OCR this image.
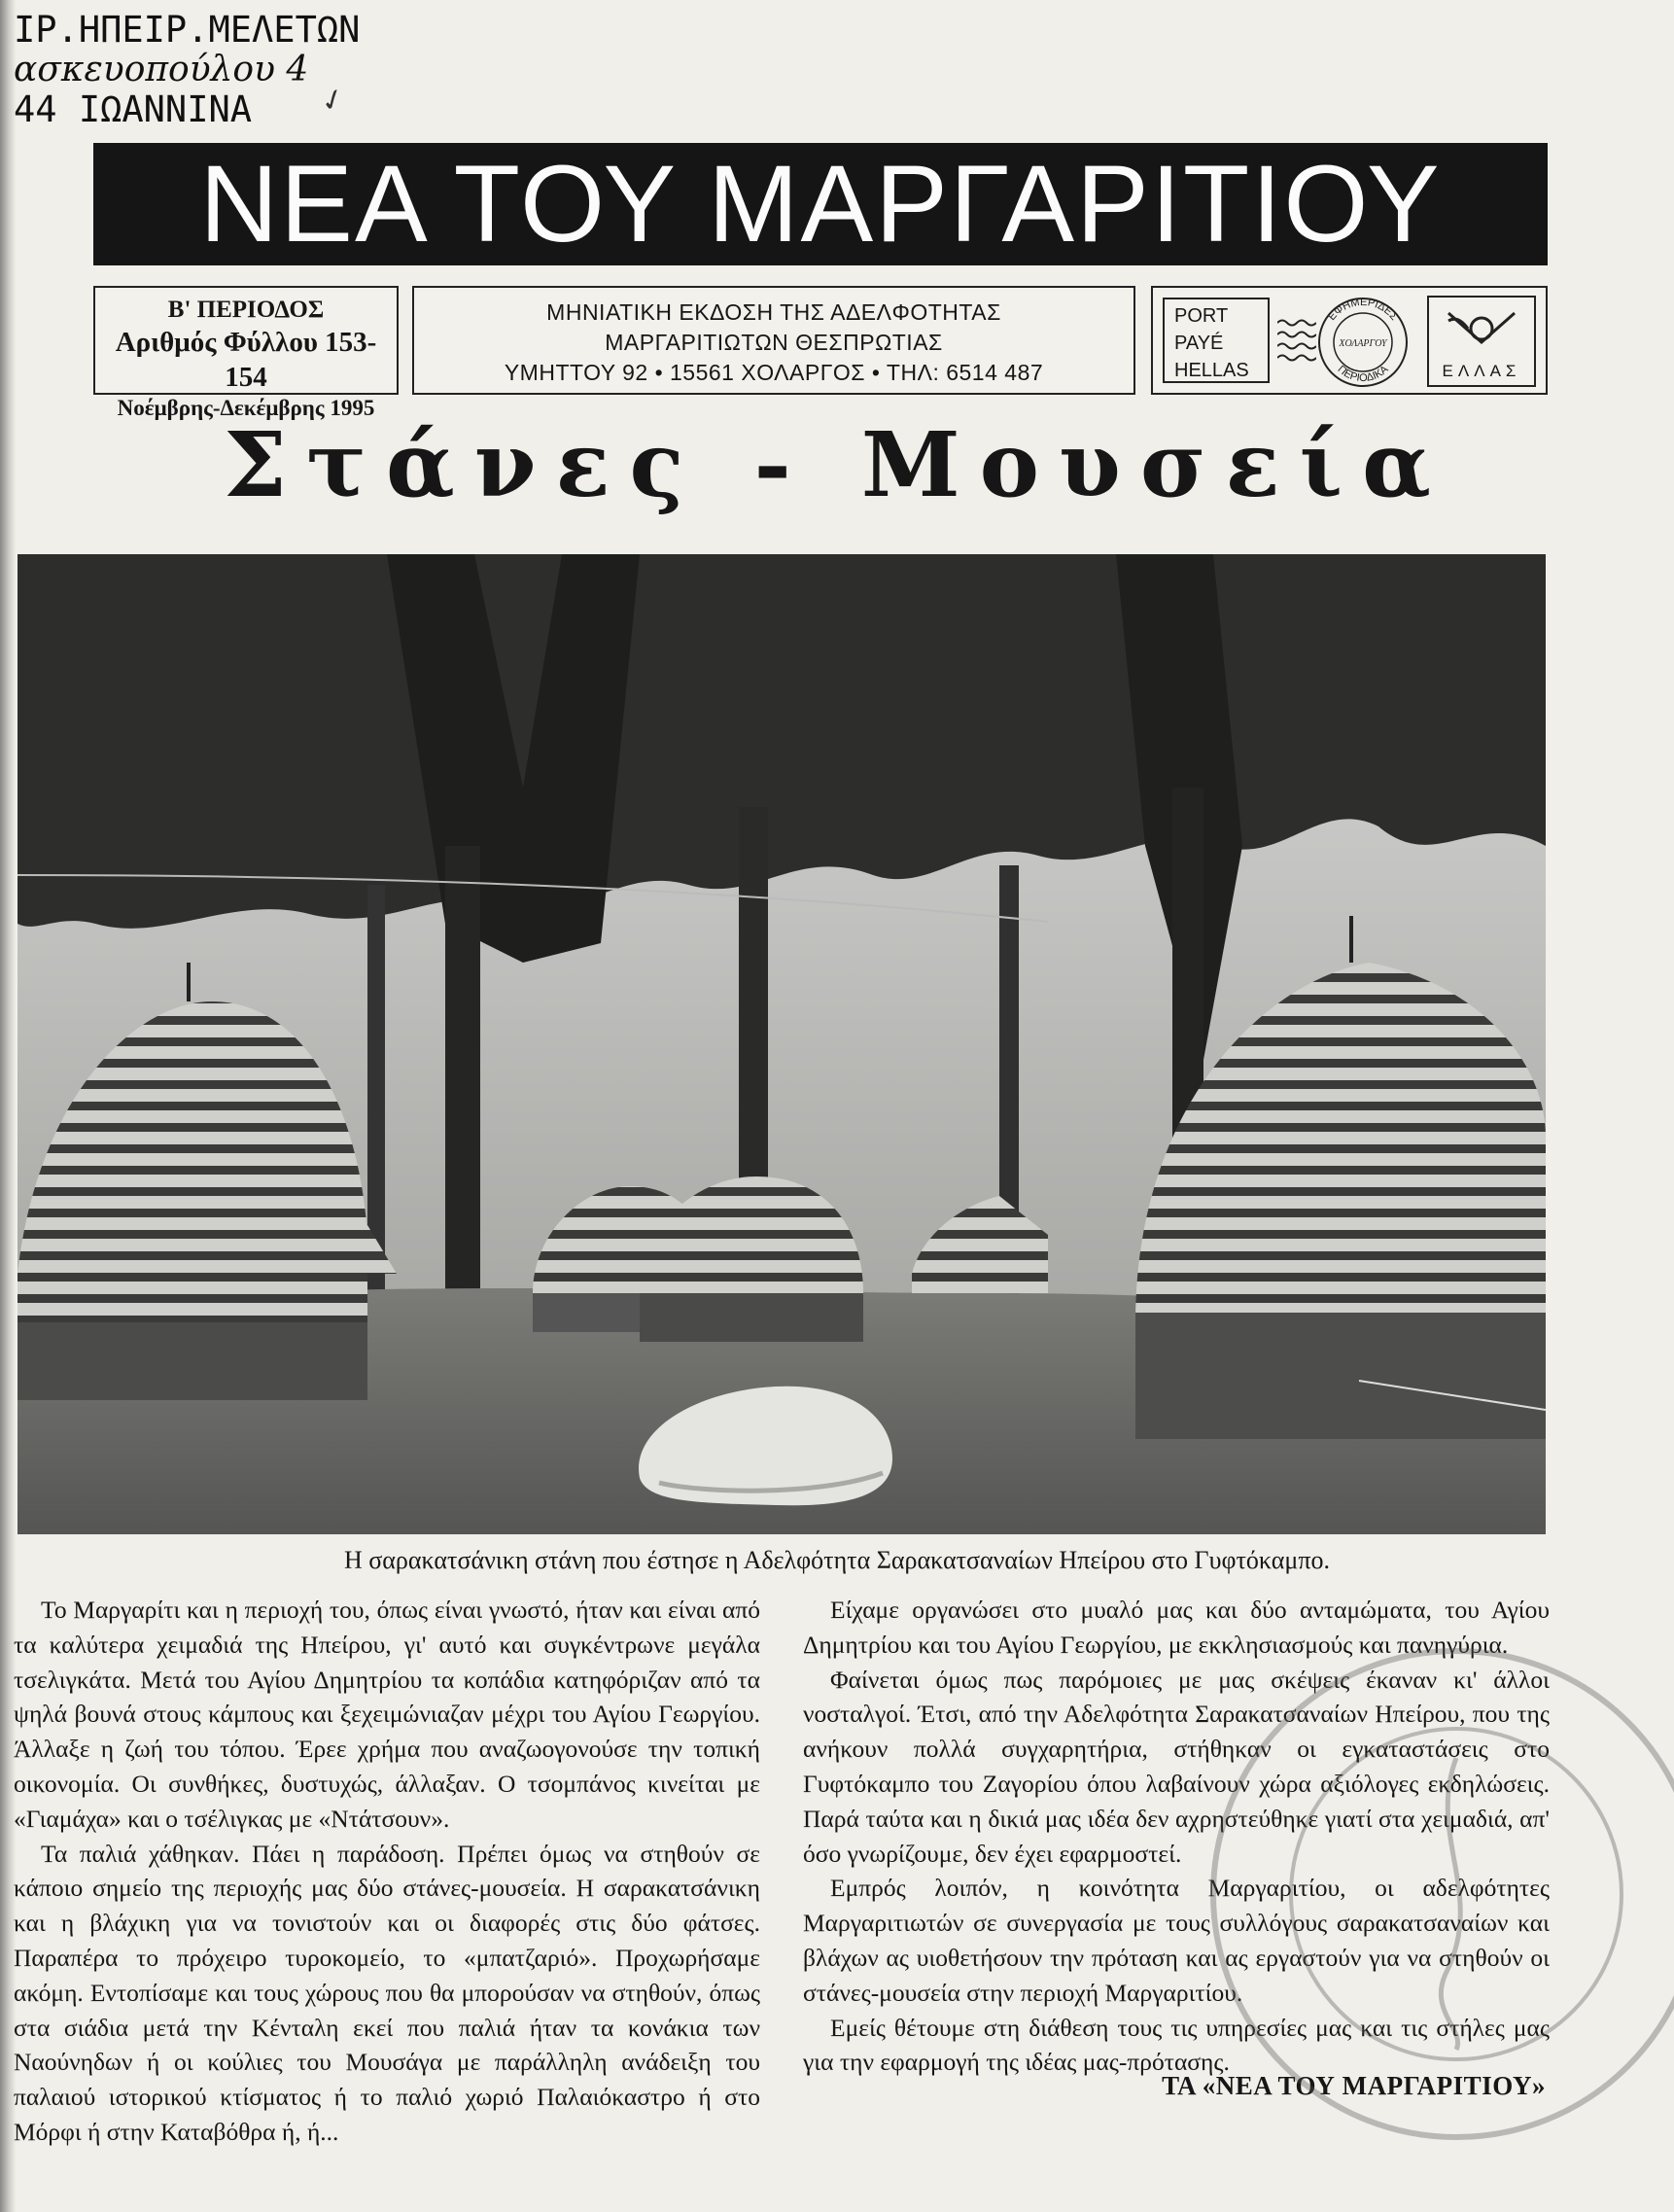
ΙΡ.ΗΠΕΙΡ.ΜΕΛΕΤΩΝ
ασκευοπούλου 4
44 ΙΩΑΝΝΙΝΑ	✓
ΝΕΑ ΤΟΥ ΜΑΡΓΑΡΙΤΙΟΥ
Β' ΠΕΡΙΟΔΟΣ
Αριθμός Φύλλου 153-154
Νοέμβρης-Δεκέμβρης 1995
ΜΗΝΙΑΤΙΚΗ ΕΚΔΟΣΗ ΤΗΣ ΑΔΕΛΦΟΤΗΤΑΣ
ΜΑΡΓΑΡΙΤΙΩΤΩΝ ΘΕΣΠΡΩΤΙΑΣ
ΥΜΗΤΤΟΥ 92 • 15561 ΧΟΛΑΡΓΟΣ • ΤΗΛ: 6514 487
PORT
PAYÉ
HELLAS
ΕΦΗΜΕΡΙΔΕΣ
ΠΕΡΙΟΔΙΚΑ
ΧΟΛΑΡΓΟΥ
ΕΛΛΑΣ
Στάνες - Μουσεία
Η σαρακατσάνικη στάνη που έστησε η Αδελφότητα Σαρακατσαναίων Ηπείρου στο Γυφτόκαμπο.

Το Μαργαρίτι και η περιοχή του, όπως είναι γνωστό, ήταν και είναι από τα καλύτερα χειμαδιά της Ηπείρου, γι' αυτό και συγκέντρωνε μεγάλα τσελιγκάτα. Μετά του Αγίου Δημητρίου τα κοπάδια κατηφόριζαν από τα ψηλά βουνά στους κάμπους και ξεχειμώνιαζαν μέχρι του Αγίου Γεωργίου. Άλλαξε η ζωή του τόπου. Έρεε χρήμα που αναζωογονούσε την τοπική οικονομία. Οι συνθήκες, δυστυχώς, άλλαξαν. Ο τσομπάνος κινείται με «Γιαμάχα» και ο τσέλιγκας με «Ντάτσουν».

Τα παλιά χάθηκαν. Πάει η παράδοση. Πρέπει όμως να στηθούν σε κάποιο σημείο της περιοχής μας δύο στάνες-μουσεία. Η σαρακατσάνικη και η βλάχικη για να τονιστούν και οι διαφορές στις δύο φάτσες. Παραπέρα το πρόχειρο τυροκομείο, το «μπατζαριό». Προχωρήσαμε ακόμη. Εντοπίσαμε και τους χώρους που θα μπορούσαν να στηθούν, όπως στα σιάδια μετά την Κένταλη εκεί που παλιά ήταν τα κονάκια των Ναούνηδων ή οι κούλιες του Μουσάγα με παράλληλη ανάδειξη του παλαιού ιστορικού κτίσματος ή το παλιό χωριό Παλαιόκαστρο ή στο Μόρφι ή στην Καταβόθρα ή, ή...

Είχαμε οργανώσει στο μυαλό μας και δύο ανταμώματα, του Αγίου Δημητρίου και του Αγίου Γεωργίου, με εκκλησιασμούς και πανηγύρια.

Φαίνεται όμως πως παρόμοιες με μας σκέψεις έκαναν κι' άλλοι νοσταλγοί. Έτσι, από την Αδελφότητα Σαρακατσαναίων Ηπείρου, που της ανήκουν πολλά συγχαρητήρια, στήθηκαν οι εγκαταστάσεις στο Γυφτόκαμπο του Ζαγορίου όπου λαβαίνουν χώρα αξιόλογες εκδηλώσεις. Παρά ταύτα και η δικιά μας ιδέα δεν αχρηστεύθηκε γιατί στα χειμαδιά, απ' όσο γνωρίζουμε, δεν έχει εφαρμοστεί.

Εμπρός λοιπόν, η κοινότητα Μαργαριτίου, οι αδελφότητες Μαργαριτιωτών σε συνεργασία με τους συλλόγους σαρακατσαναίων και βλάχων ας υιοθετήσουν την πρόταση και ας εργαστούν για να στηθούν οι στάνες-μουσεία στην περιοχή Μαργαριτίου.

Εμείς θέτουμε στη διάθεση τους τις υπηρεσίες μας και τις στήλες μας για την εφαρμογή της ιδέας μας-πρότασης.

ΤΑ «ΝΕΑ ΤΟΥ ΜΑΡΓΑΡΙΤΙΟΥ»
